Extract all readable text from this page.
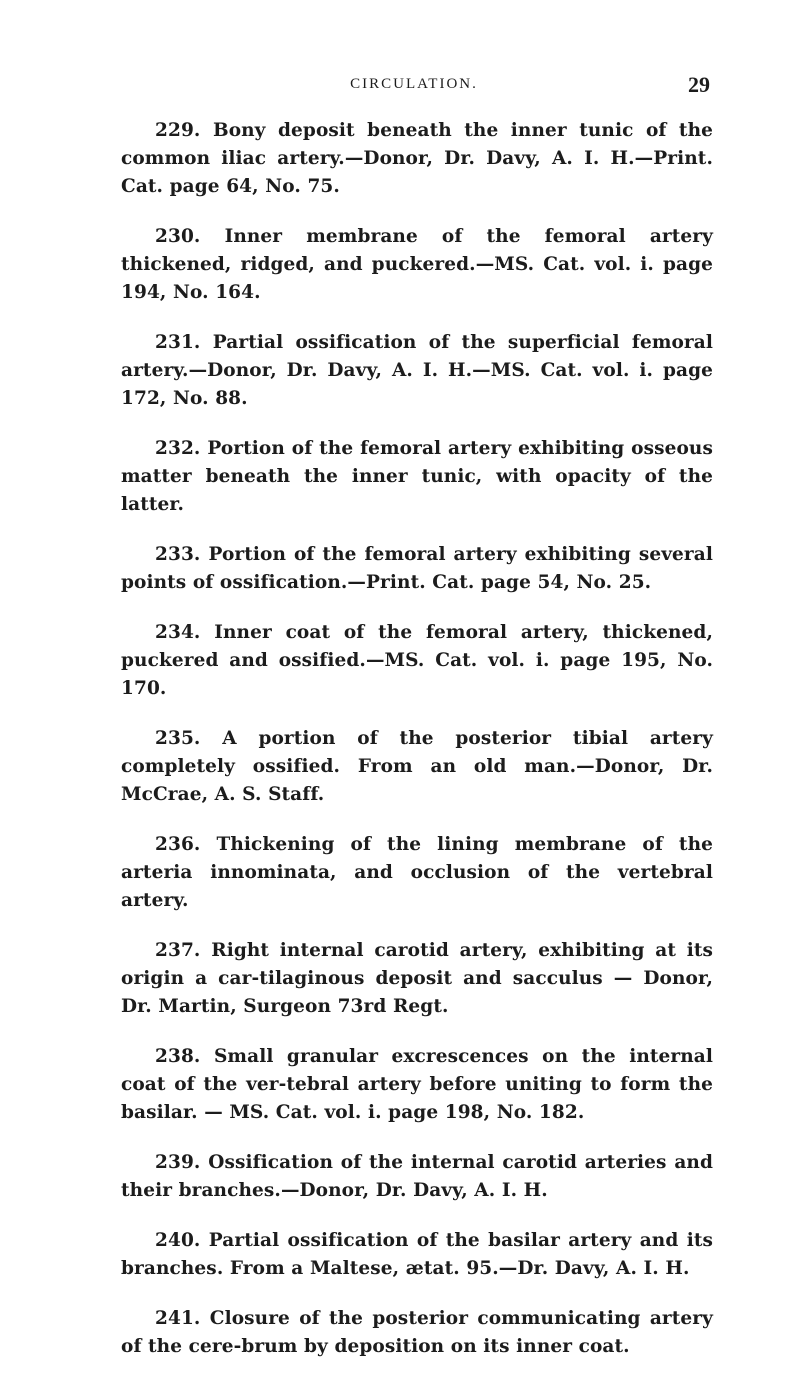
CIRCULATION.	29

229. Bony deposit beneath the inner tunic of the common iliac artery.—Donor, Dr. Davy, A. I. H.—Print. Cat. page 64, No. 75.

230. Inner membrane of the femoral artery thickened, ridged, and puckered.—MS. Cat. vol. i. page 194, No. 164.

231. Partial ossification of the superficial femoral artery.—Donor, Dr. Davy, A. I. H.—MS. Cat. vol. i. page 172, No. 88.

232. Portion of the femoral artery exhibiting osseous matter beneath the inner tunic, with opacity of the latter.

233. Portion of the femoral artery exhibiting several points of ossification.—Print. Cat. page 54, No. 25.

234. Inner coat of the femoral artery, thickened, puckered and ossified.—MS. Cat. vol. i. page 195, No. 170.

235. A portion of the posterior tibial artery completely ossified. From an old man.—Donor, Dr. McCrae, A. S. Staff.

236. Thickening of the lining membrane of the arteria innominata, and occlusion of the vertebral artery.

237. Right internal carotid artery, exhibiting at its origin a car-tilaginous deposit and sacculus — Donor, Dr. Martin, Surgeon 73rd Regt.

238. Small granular excrescences on the internal coat of the ver-tebral artery before uniting to form the basilar. — MS. Cat. vol. i. page 198, No. 182.

239. Ossification of the internal carotid arteries and their branches.—Donor, Dr. Davy, A. I. H.

240. Partial ossification of the basilar artery and its branches. From a Maltese, ætat. 95.—Dr. Davy, A. I. H.

241. Closure of the posterior communicating artery of the cere-brum by deposition on its inner coat.
